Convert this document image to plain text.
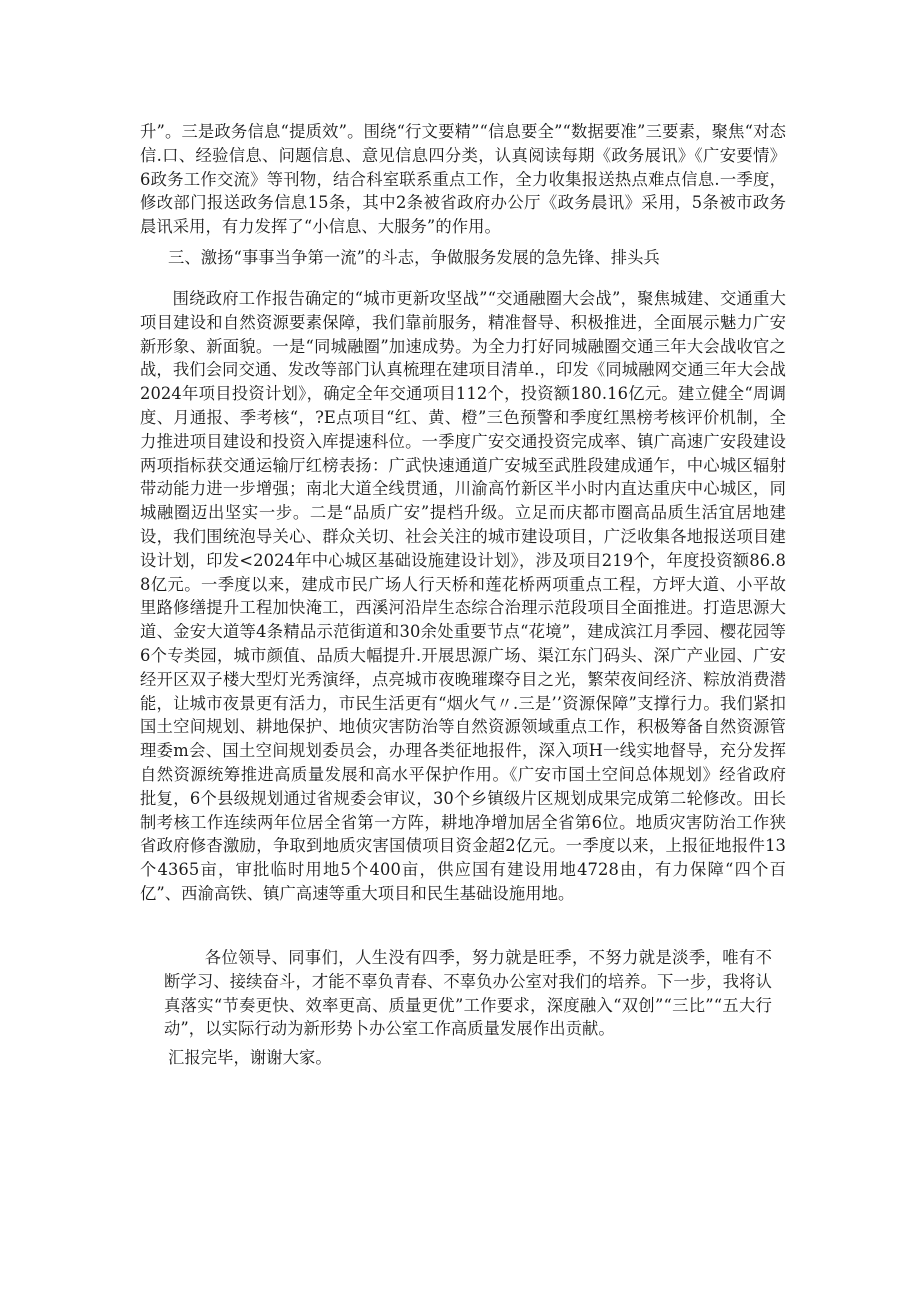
升”。三是政务信息“提质效”。围绕“行文要精”“信息要全”“数据要准”三要素，聚焦“对态信.口、经验信息、问题信息、意见信息四分类，认真阅读每期《政务展讯》《广安要情》6政务工作交流》等刊物，结合科室联系重点工作，全力收集报送热点难点信息.一季度，修改部门报送政务信息15条，其中2条被省政府办公厅《政务晨讯》采用，5条被市政务晨讯采用，有力发挥了“小信息、大服务”的作用。

三、激扬“事事当争第一流”的斗志，争做服务发展的急先锋、排头兵

围绕政府工作报告确定的“城市更新攻坚战”“交通融圈大会战”，聚焦城建、交通重大项目建设和自然资源要素保障，我们靠前服务，精准督导、积极推进，全面展示魅力广安新形象、新面貌。一是“同城融圈”加速成势。为全力打好同城融圈交通三年大会战收官之战，我们会同交通、发改等部门认真梳理在建项目清单.，印发《同城融网交通三年大会战2024年项目投资计划》，确定全年交通项目112个，投资额180.16亿元。建立健全“周调度、月通报、季考核“，?E点项目“红、黄、橙”三色预警和季度红黑榜考核评价机制，全力推进项目建设和投资入库提速科位。一季度广安交通投资完成率、镇广高速广安段建设两项指标获交通运输厅红榜表扬：广武快速通道广安城至武胜段建成通乍，中心城区辐射带动能力进一步增强；南北大道全线贯通，川渝高竹新区半小时内直达重庆中心城区，同城融圈迈出坚实一步。二是“品质广安”提档升级。立足而庆都市圈高品质生活宜居地建设，我们围统泡导关心、群众关切、社会关注的城市建设项目，广泛收集各地报送项目建设计划，印发<2024年中心城区基础设施建设计划》，涉及项目219个，年度投资额86.88亿元。一季度以来，建成市民广场人行天桥和莲花桥两项重点工程，方坪大道、小平故里路修缮提升工程加快淹工，西溪河沿岸生态综合治理示范段项目全面推进。打造思源大道、金安大道等4条精品示范街道和30余处重要节点“花境”，建成滨江月季园、樱花园等6个专类园，城市颜值、品质大幅提升.开展思源广场、渠江东门码头、深广产业园、广安经开区双子楼大型灯光秀演绎，点亮城市夜晚璀璨夺目之光，繁荣夜间经济、粽放消费潜能，让城市夜景更有活力，市民生活更有“烟火气〃.三是’’资源保障”支撑行力。我们紧扣国土空间规划、耕地保护、地侦灾害防治等自然资源领域重点工作，积极筹备自然资源管理委m会、国土空间规划委员会，办理各类征地报件，深入项H一线实地督导，充分发挥自然资源统筹推进高质量发展和高水平保护作用。《广安市国土空间总体规划》经省政府批复，6个县级规划通过省规委会审议，30个乡镇级片区规划成果完成第二轮修改。田长制考核工作连续两年位居全省第一方阵，耕地净增加居全省第6位。地质灾害防治工作狭省政府修杳激励，争取到地质灾害国债项目资金超2亿元。一季度以来，上报征地报件13个4365亩，审批临时用地5个400亩，供应国有建设用地4728由，有力保障“四个百亿”、西渝高铁、镇广高速等重大项目和民生基础设施用地。

各位领导、同事们，人生没有四季，努力就是旺季，不努力就是淡季，唯有不断学习、接续奋斗，才能不辜负青春、不辜负办公室对我们的培养。下一步，我将认真落实“节奏更快、效率更高、质量更优”工作要求，深度融入“双创”“三比”“五大行动”，以实际行动为新形势卜办公室工作高质量发展作出贡献。

汇报完毕，谢谢大家。
